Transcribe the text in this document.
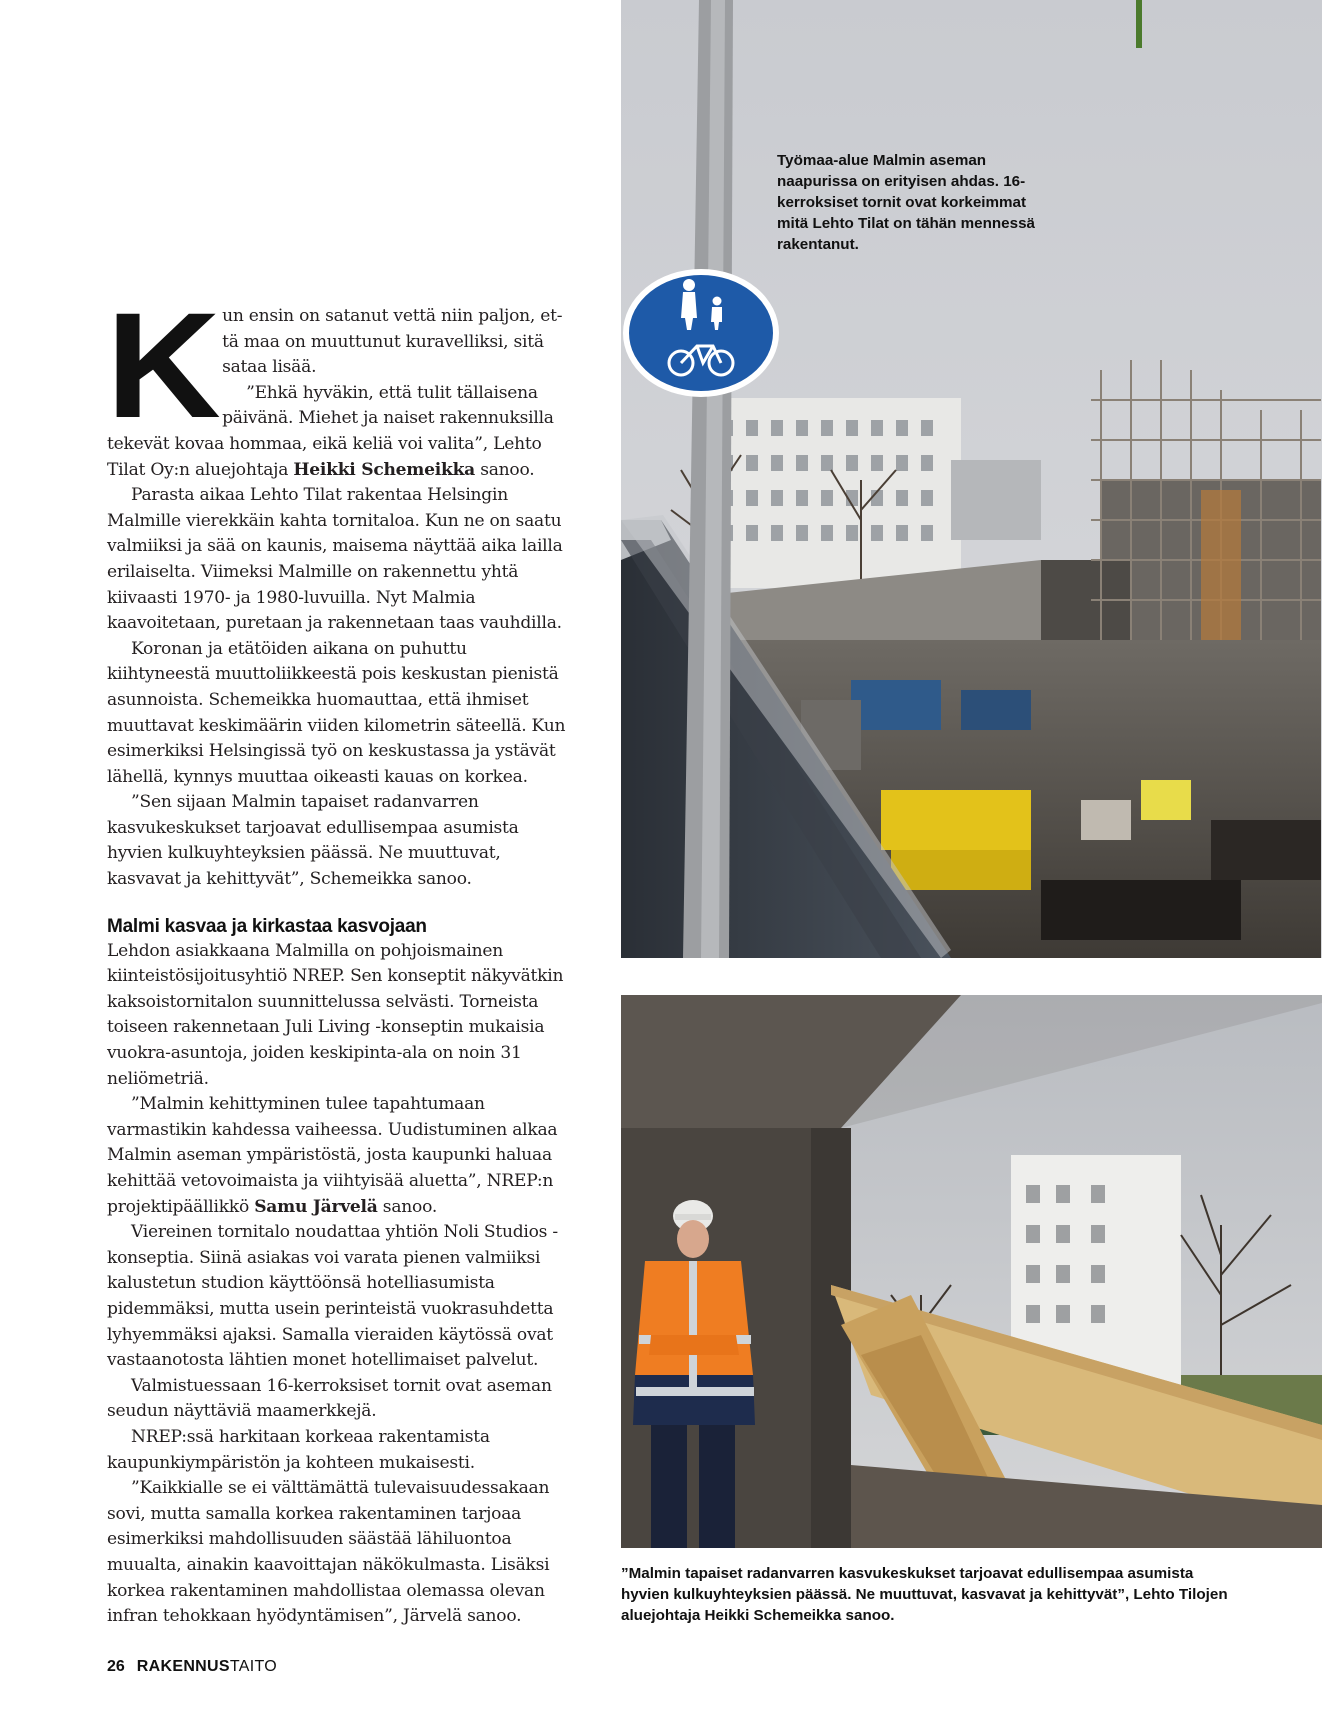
K un ensin on satanut vettä niin paljon, että maa on muuttunut kuravelliksi, sitä sataa lisää.

”Ehkä hyväkin, että tulit tällaisena päivänä. Miehet ja naiset rakennuksilla tekevät kovaa hommaa, eikä keliä voi valita”, Lehto Tilat Oy:n aluejohtaja Heikki Schemeikka sanoo.

Parasta aikaa Lehto Tilat rakentaa Helsingin Malmille vierekkäin kahta tornitaloa. Kun ne on saatu valmiiksi ja sää on kaunis, maisema näyttää aika lailla erilaiselta. Viimeksi Malmille on rakennettu yhtä kiivaasti 1970- ja 1980-luvuilla. Nyt Malmia kaavoitetaan, puretaan ja rakennetaan taas vauhdilla.

Koronan ja etätöiden aikana on puhuttu kiihtyneestä muuttoliikkeestä pois keskustan pienistä asunnoista. Schemeikka huomauttaa, että ihmiset muuttavat keskimäärin viiden kilometrin säteellä. Kun esimerkiksi Helsingissä työ on keskustassa ja ystävät lähellä, kynnys muuttaa oikeasti kauas on korkea.

”Sen sijaan Malmin tapaiset radanvarren kasvukeskukset tarjoavat edullisempaa asumista hyvien kulkuyhteyksien päässä. Ne muuttuvat, kasvavat ja kehittyvät”, Schemeikka sanoo.

Malmi kasvaa ja kirkastaa kasvojaan

Lehdon asiakkaana Malmilla on pohjoismainen kiinteistösijoitusyhtiö NREP. Sen konseptit näkyvätkin kaksoistornitalon suunnittelussa selvästi. Torneista toiseen rakennetaan Juli Living -konseptin mukaisia vuokra-asuntoja, joiden keskipinta-ala on noin 31 neliömetriä.

”Malmin kehittyminen tulee tapahtumaan varmastikin kahdessa vaiheessa. Uudistuminen alkaa Malmin aseman ympäristöstä, josta kaupunki haluaa kehittää vetovoimaista ja viihtyisää aluetta”, NREP:n projektipäällikkö Samu Järvelä sanoo.

Viereinen tornitalo noudattaa yhtiön Noli Studios -konseptia. Siinä asiakas voi varata pienen valmiiksi kalustetun studion käyttöönsä hotelliasumista pidemmäksi, mutta usein perinteistä vuokrasuhdetta lyhyemmäksi ajaksi. Samalla vieraiden käytössä ovat vastaanotosta lähtien monet hotellimaiset palvelut.

Valmistuessaan 16-kerroksiset tornit ovat aseman seudun näyttäviä maamerkkejä.

NREP:ssä harkitaan korkeaa rakentamista kaupunkiympäristön ja kohteen mukaisesti.

”Kaikkialle se ei välttämättä tulevaisuudessakaan sovi, mutta samalla korkea rakentaminen tarjoaa esimerkiksi mahdollisuuden säästää lähiluontoa muualta, ainakin kaavoittajan näkökulmasta. Lisäksi korkea rakentaminen mahdollistaa olemassa olevan infran tehokkaan hyödyntämisen”, Järvelä sanoo.

Työmaa-alue Malmin aseman naapurissa on erityisen ahdas. 16-kerroksiset tornit ovat korkeimmat mitä Lehto Tilat on tähän mennessä rakentanut.
”Malmin tapaiset radanvarren kasvukeskukset tarjoavat edullisempaa asumista hyvien kulkuyhteyksien päässä. Ne muuttuvat, kasvavat ja kehittyvät”, Lehto Tilojen aluejohtaja Heikki Schemeikka sanoo.
26 RAKENNUSTAITO
